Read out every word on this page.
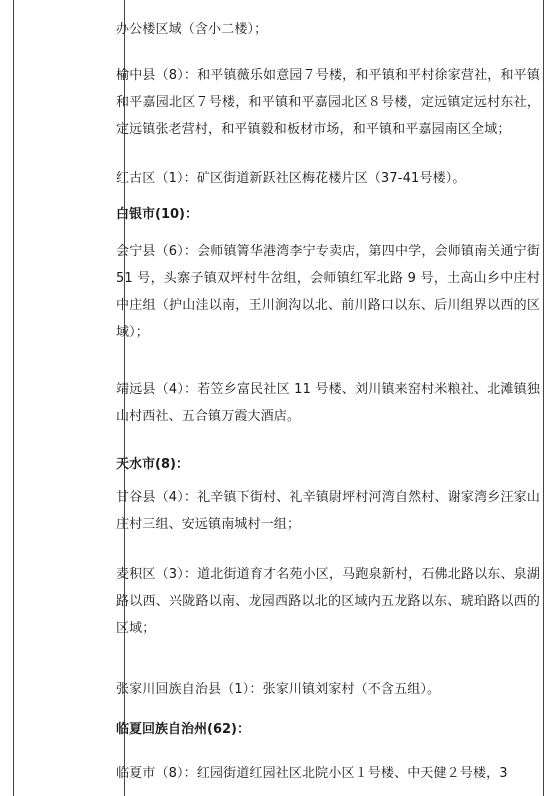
办公楼区域（含小二楼）；

榆中县（8）：和平镇薇乐如意园７号楼，和平镇和平村徐家营社，和平镇和平嘉园北区７号楼，和平镇和平嘉园北区８号楼，定远镇定远村东社，定远镇张老营村，和平镇毅和板材市场，和平镇和平嘉园南区全域；

红古区（1）：矿区街道新跃社区梅花楼片区（37-41号楼）。

白银市(10)：

会宁县（6）：会师镇箐华港湾李宁专卖店，第四中学，会师镇南关通宁街 51 号，头寨子镇双坪村牛岔组，会师镇红军北路 9 号，土高山乡中庄村中庄组（护山洼以南，王川涧沟以北、前川路口以东、后川组界以西的区域）；

靖远县（4）：若笠乡富民社区 11 号楼、刘川镇来窑村米粮社、北滩镇独山村西社、五合镇万霞大酒店。

天水市(8)：

甘谷县（4）：礼辛镇下街村、礼辛镇尉坪村河湾自然村、谢家湾乡汪家山庄村三组、安远镇南城村一组；

麦积区（3）：道北街道育才名苑小区，马跑泉新村，石佛北路以东、泉湖路以西、兴陇路以南、龙园西路以北的区域内五龙路以东、琥珀路以西的区域；

张家川回族自治县（1）：张家川镇刘家村（不含五组）。

临夏回族自治州(62)：

临夏市（8）：红园街道红园社区北院小区１号楼、中天健２号楼，3
